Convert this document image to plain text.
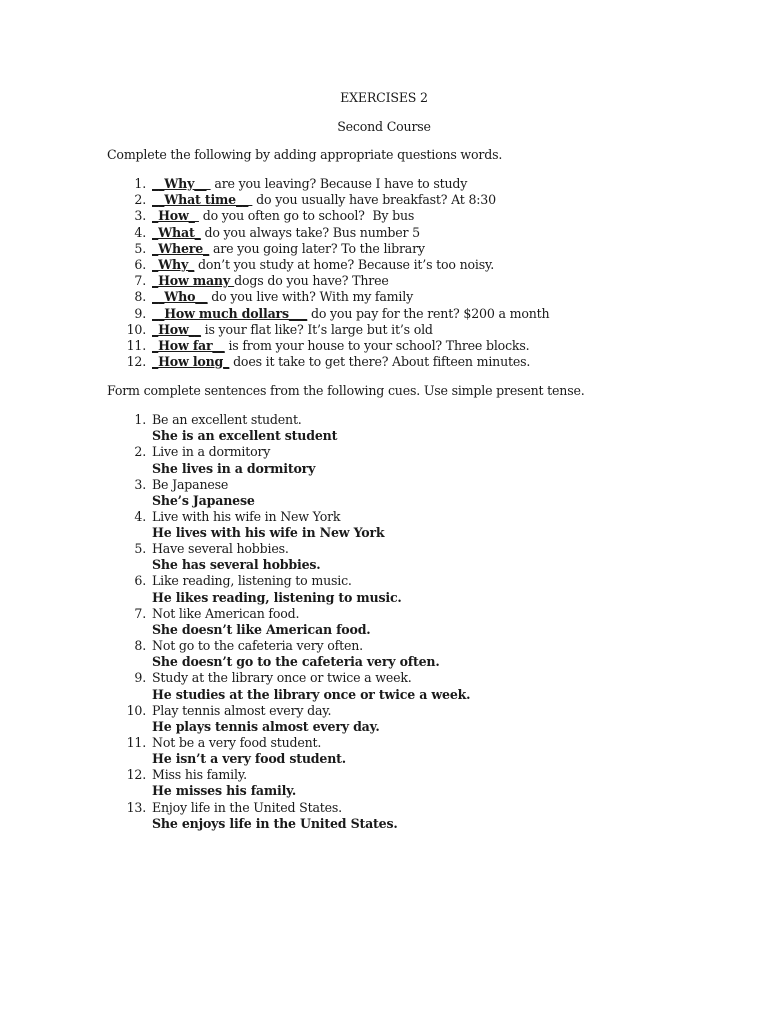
EXERCISES 2
Second Course
Complete the following by adding appropriate questions words.
1. __Why__  are you leaving? Because I have to study
2. __What time__  do you usually have breakfast? At 8:30
3. _How_  do you often go to school?  By bus
4. _What_ do you always take? Bus number 5
5. _Where_ are you going later? To the library
6. _Why_ don’t you study at home? Because it’s too noisy.
7. _How many dogs do you have? Three
8. __Who__ do you live with? With my family
9. __How much dollars___ do you pay for the rent? $200 a month
10. _How__ is your flat like? It’s large but it’s old
11. _How far__ is from your house to your school? Three blocks.
12. _How long_ does it take to get there? About fifteen minutes.
Form complete sentences from the following cues. Use simple present tense.
1. Be an excellent student.
She is an excellent student
2. Live in a dormitory
She lives in a dormitory
3. Be Japanese
She’s Japanese
4. Live with his wife in New York
He lives with his wife in New York
5. Have several hobbies.
She has several hobbies.
6. Like reading, listening to music.
He likes reading, listening to music.
7. Not like American food.
She doesn’t like American food.
8. Not go to the cafeteria very often.
She doesn’t go to the cafeteria very often.
9. Study at the library once or twice a week.
He studies at the library once or twice a week.
10. Play tennis almost every day.
He plays tennis almost every day.
11. Not be a very food student.
He isn’t a very food student.
12. Miss his family.
He misses his family.
13. Enjoy life in the United States.
She enjoys life in the United States.
